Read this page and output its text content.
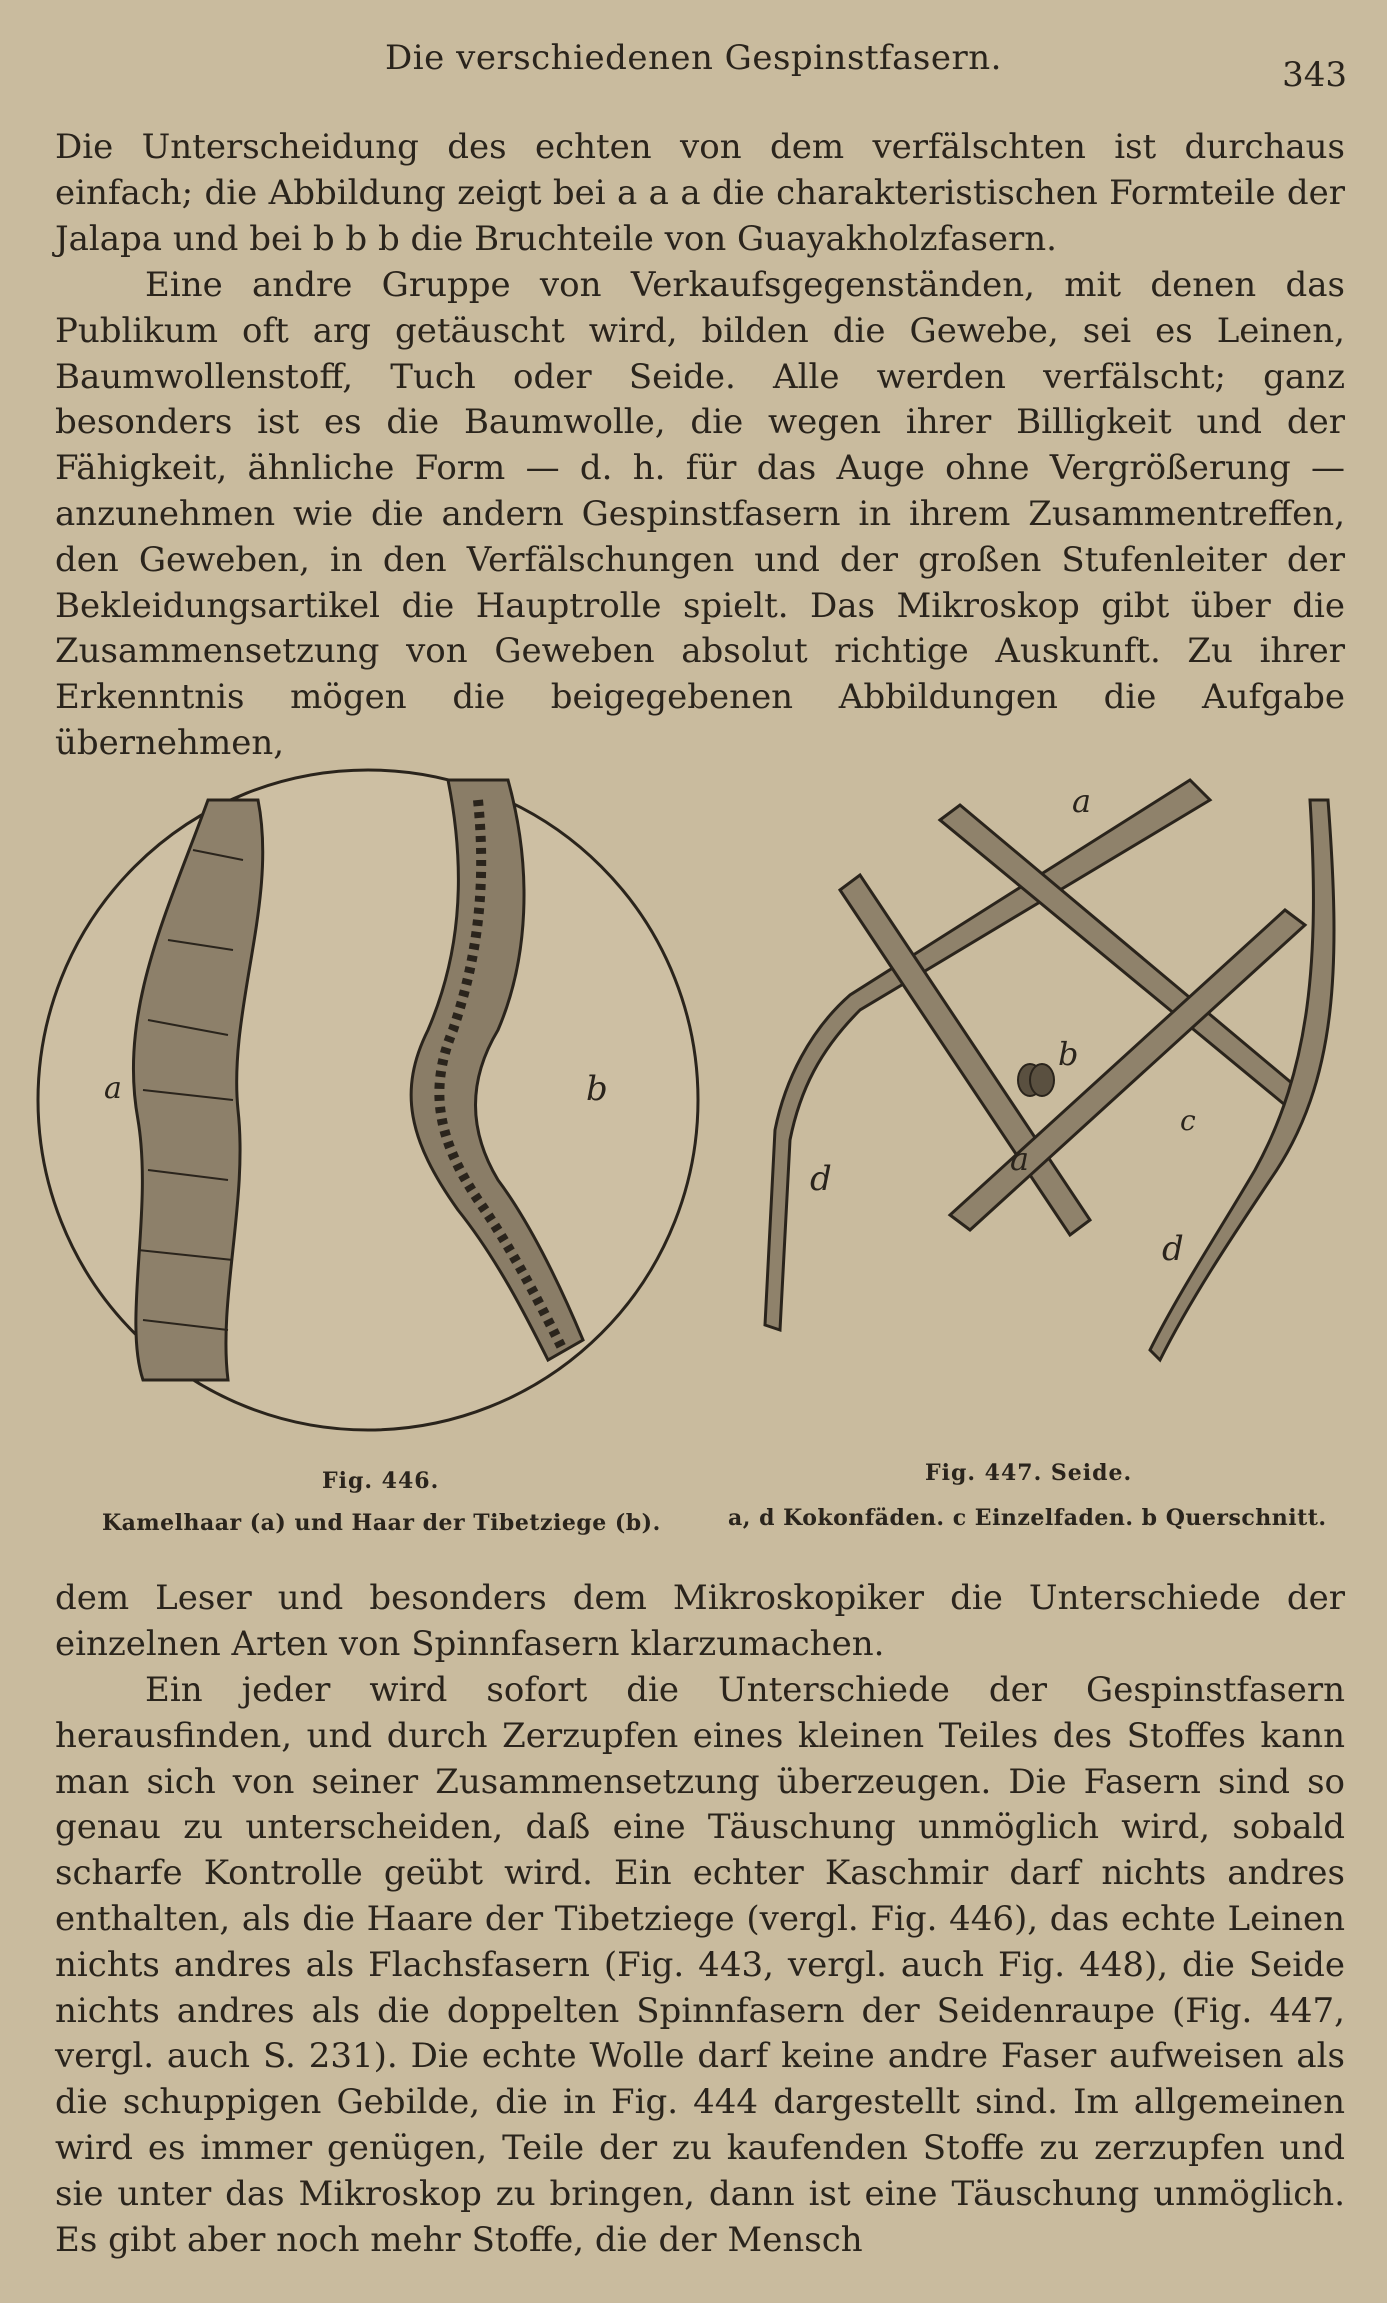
Die verschiedenen Gespinstfasern.	343

Die Unterscheidung des echten von dem verfälschten ist durchaus einfach; die Abbildung zeigt bei a a a die charakteristischen Formteile der Jalapa und bei b b b die Bruchteile von Guayakholzfasern.

Eine andre Gruppe von Verkaufsgegenständen, mit denen das Publikum oft arg getäuscht wird, bilden die Gewebe, sei es Leinen, Baumwollenstoff, Tuch oder Seide. Alle werden verfälscht; ganz besonders ist es die Baumwolle, die wegen ihrer Billigkeit und der Fähigkeit, ähnliche Form — d. h. für das Auge ohne Vergrößerung — anzunehmen wie die andern Gespinstfasern in ihrem Zusammentreffen, den Geweben, in den Verfälschungen und der großen Stufenleiter der Bekleidungsartikel die Hauptrolle spielt. Das Mikroskop gibt über die Zusammensetzung von Geweben absolut richtige Auskunft. Zu ihrer Erkenntnis mögen die beigegebenen Abbildungen die Aufgabe übernehmen,

a	b
a
a
b
c
d
d
Fig. 446.	Fig. 447. Seide.
Kamelhaar (a) und Haar der Tibetziege (b).	a, d Kokonfäden. c Einzelfaden. b Querschnitt.

dem Leser und besonders dem Mikroskopiker die Unterschiede der einzelnen Arten von Spinnfasern klarzumachen.

Ein jeder wird sofort die Unterschiede der Gespinstfasern herausfinden, und durch Zerzupfen eines kleinen Teiles des Stoffes kann man sich von seiner Zusammensetzung überzeugen. Die Fasern sind so genau zu unterscheiden, daß eine Täuschung unmöglich wird, sobald scharfe Kontrolle geübt wird. Ein echter Kaschmir darf nichts andres enthalten, als die Haare der Tibetziege (vergl. Fig. 446), das echte Leinen nichts andres als Flachsfasern (Fig. 443, vergl. auch Fig. 448), die Seide nichts andres als die doppelten Spinnfasern der Seidenraupe (Fig. 447, vergl. auch S. 231). Die echte Wolle darf keine andre Faser aufweisen als die schuppigen Gebilde, die in Fig. 444 dargestellt sind. Im allgemeinen wird es immer genügen, Teile der zu kaufenden Stoffe zu zerzupfen und sie unter das Mikroskop zu bringen, dann ist eine Täuschung unmöglich. Es gibt aber noch mehr Stoffe, die der Mensch
